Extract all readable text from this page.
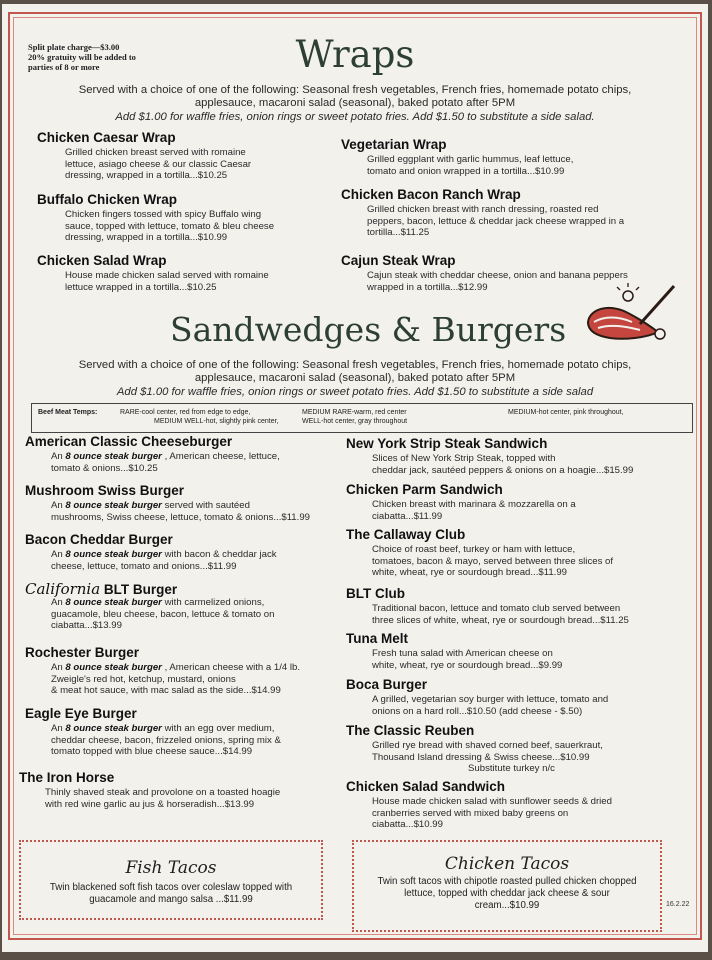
Split plate charge—$3.00
20% gratuity will be added to
parties of 8 or more	Wraps
Served with a choice of one of the following: Seasonal fresh vegetables, French fries, homemade potato chips,
applesauce, macaroni salad (seasonal), baked potato after 5PM
Add $1.00 for waffle fries, onion rings or sweet potato fries. Add $1.50 to substitute a side salad.
Sandwedges & Burgers
Served with a choice of one of the following: Seasonal fresh vegetables, French fries, homemade potato chips,
applesauce, macaroni salad (seasonal), baked potato after 5PM
Add $1.00 for waffle fries, onion rings or sweet potato fries. Add $1.50 to substitute a side salad
Beef Meat Temps:	RARE-cool center, red from edge to edge,	MEDIUM RARE-warm, red center	MEDIUM-hot center, pink throughout,
MEDIUM WELL-hot, slightly pink center,	WELL-hot center, gray throughout
Fish Tacos
Twin blackened soft fish tacos over coleslaw topped with
guacamole and mango salsa ...$11.99
Chicken Tacos
Twin soft tacos with chipotle roasted pulled chicken chopped
lettuce, topped with cheddar jack cheese & sour
cream...$10.99	16.2.22
Chicken Caesar Wrap
Grilled chicken breast served with romaine
lettuce, asiago cheese & our classic Caesar
dressing, wrapped in a tortilla...$10.25
Buffalo Chicken Wrap
Chicken fingers tossed with spicy Buffalo wing
sauce, topped with lettuce, tomato & bleu cheese
dressing, wrapped in a tortilla...$10.99
Chicken Salad Wrap
House made chicken salad served with romaine
lettuce wrapped in a tortilla...$10.25
Vegetarian Wrap
Grilled eggplant with garlic hummus, leaf lettuce,
tomato and onion wrapped in a tortilla...$10.99
Chicken Bacon Ranch Wrap
Grilled chicken breast with ranch dressing, roasted red
peppers, bacon, lettuce & cheddar jack cheese wrapped in a
tortilla...$11.25
Cajun Steak Wrap
Cajun steak with cheddar cheese, onion and banana peppers
wrapped in a tortilla...$12.99
American Classic Cheeseburger
An 8 ounce steak burger , American cheese, lettuce,
tomato & onions...$10.25
Mushroom Swiss Burger
An 8 ounce steak burger served with sautéed
mushrooms, Swiss cheese, lettuce, tomato & onions...$11.99
Bacon Cheddar Burger
An 8 ounce steak burger with bacon & cheddar jack
cheese, lettuce, tomato and onions...$11.99
California BLT Burger
An 8 ounce steak burger with carmelized onions,
guacamole, bleu cheese, bacon, lettuce & tomato on
ciabatta...$13.99
Rochester Burger
An 8 ounce steak burger , American cheese with a 1/4 lb.
Zweigle's red hot, ketchup, mustard, onions
& meat hot sauce, with mac salad as the side...$14.99
Eagle Eye Burger
An 8 ounce steak burger with an egg over medium,
cheddar cheese, bacon, frizzeled onions, spring mix &
tomato topped with blue cheese sauce...$14.99
The Iron Horse
Thinly shaved steak and provolone on a toasted hoagie
with red wine garlic au jus & horseradish...$13.99
New York Strip Steak Sandwich
Slices of New York Strip Steak, topped with
cheddar jack, sautéed peppers & onions on a hoagie...$15.99
Chicken Parm Sandwich
Chicken breast with marinara & mozzarella on a
ciabatta...$11.99
The Callaway Club
Choice of roast beef, turkey or ham with lettuce,
tomatoes, bacon & mayo, served between three slices of
white, wheat, rye or sourdough bread...$11.99
BLT Club
Traditional bacon, lettuce and tomato club served between
three slices of white, wheat, rye or sourdough bread...$11.25
Tuna Melt
Fresh tuna salad with American cheese on
white, wheat, rye or sourdough bread...$9.99
Boca Burger
A grilled, vegetarian soy burger with lettuce, tomato and
onions on a hard roll...$10.50 (add cheese - $.50)
The Classic Reuben
Grilled rye bread with shaved corned beef, sauerkraut,
Thousand Island dressing & Swiss cheese...$10.99
Substitute turkey n/c
Chicken Salad Sandwich
House made chicken salad with sunflower seeds & dried
cranberries served with mixed baby greens on
ciabatta...$10.99
